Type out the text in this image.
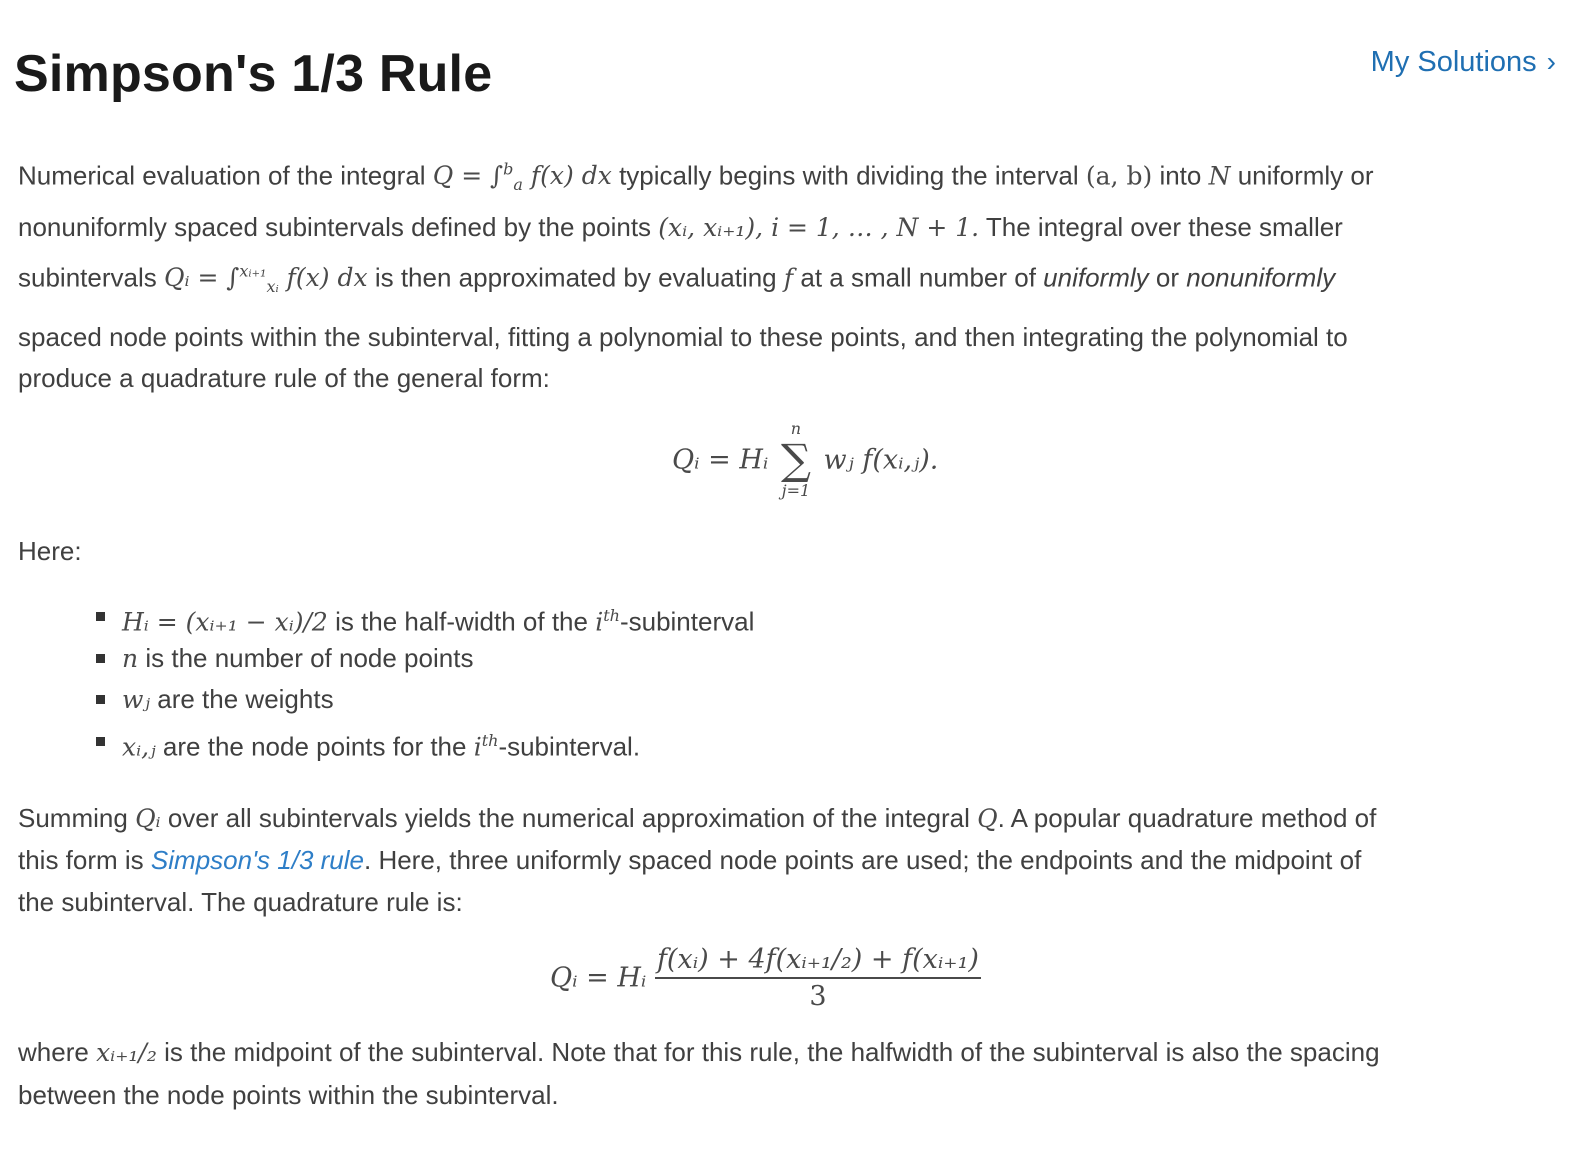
Simpson's 1/3 Rule	My Solutions ›
Numerical evaluation of the integral Q = ∫$^b_a$ f(x) dx typically begins with dividing the interval (a, b) into N uniformly or
nonuniformly spaced subintervals defined by the points (xᵢ, xᵢ₊₁), i = 1, … , N + 1. The integral over these smaller
subintervals Qᵢ = ∫$^{xᵢ_{+1}}_{xᵢ}$ f(x) dx is then approximated by evaluating f at a small number of uniformly or nonuniformly
spaced node points within the subinterval, fitting a polynomial to these points, and then integrating the polynomial to
produce a quadrature rule of the general form:
Qᵢ = Hᵢ
n
∑
j=1
wⱼ f(xᵢ,ⱼ).
Here:
Hᵢ = (xᵢ₊₁ − xᵢ)/2 is the half-width of the $i^{th}$-subinterval
n is the number of node points
wⱼ are the weights
xᵢ,ⱼ are the node points for the $i^{th}$-subinterval.
Summing Qᵢ over all subintervals yields the numerical approximation of the integral Q. A popular quadrature method of
this form is Simpson's 1/3 rule. Here, three uniformly spaced node points are used; the endpoints and the midpoint of
the subinterval. The quadrature rule is:
Qᵢ = Hᵢ $\frac{\text{f(xᵢ) + 4f(xᵢ₊₁/₂) + f(xᵢ₊₁)}}{3}$
where xᵢ₊₁/₂ is the midpoint of the subinterval. Note that for this rule, the halfwidth of the subinterval is also the spacing
between the node points within the subinterval.
